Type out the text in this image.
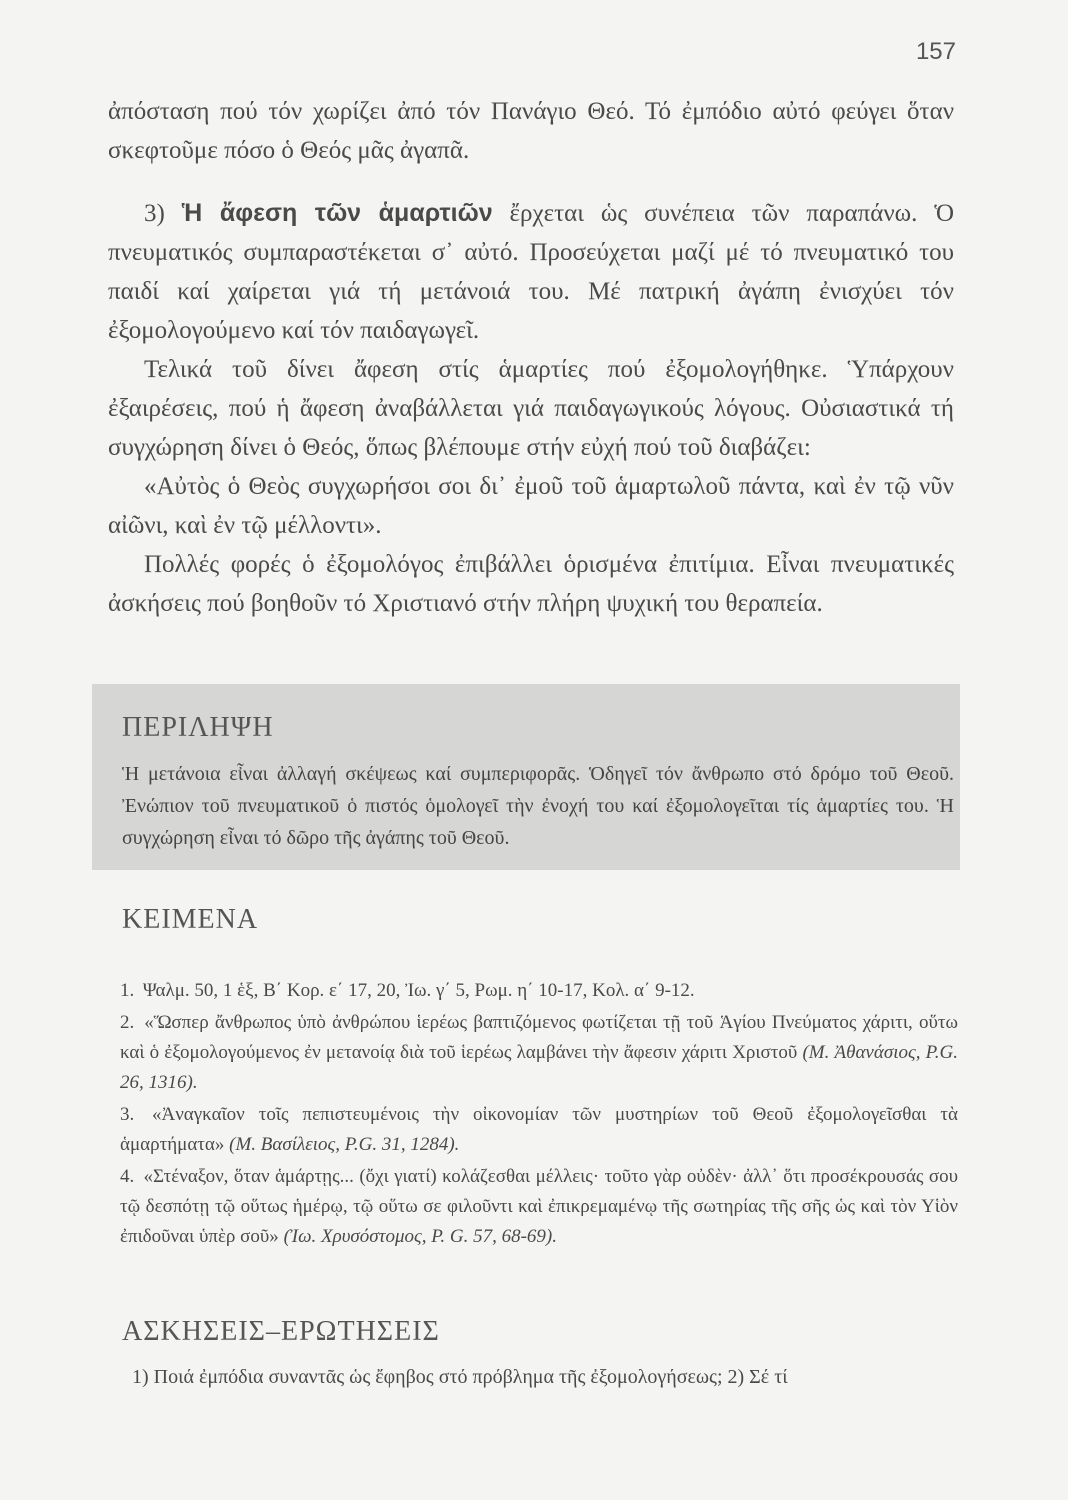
157

ἀπόσταση πού τόν χωρίζει ἀπό τόν Πανάγιο Θεό. Τό ἐμπόδιο αὐτό φεύγει ὅταν σκεφτοῦμε πόσο ὁ Θεός μᾶς ἀγαπᾶ.

3) Ἡ ἄφεση τῶν ἁμαρτιῶν ἔρχεται ὡς συνέπεια τῶν παραπάνω. Ὁ πνευματικός συμπαραστέκεται σ᾽ αὐτό. Προσεύχεται μαζί μέ τό πνευματικό του παιδί καί χαίρεται γιά τή μετάνοιά του. Μέ πατρική ἀγάπη ἐνισχύει τόν ἐξομολογούμενο καί τόν παιδαγωγεῖ.

Τελικά τοῦ δίνει ἄφεση στίς ἁμαρτίες πού ἐξομολογήθηκε. Ὑπάρχουν ἐξαιρέσεις, πού ἡ ἄφεση ἀναβάλλεται γιά παιδαγωγικούς λόγους. Οὐσιαστικά τή συγχώρηση δίνει ὁ Θεός, ὅπως βλέπουμε στήν εὐχή πού τοῦ διαβάζει:

«Αὐτὸς ὁ Θεὸς συγχωρήσοι σοι δι᾽ ἐμοῦ τοῦ ἁμαρτωλοῦ πάντα, καὶ ἐν τῷ νῦν αἰῶνι, καὶ ἐν τῷ μέλλοντι».

Πολλές φορές ὁ ἐξομολόγος ἐπιβάλλει ὁρισμένα ἐπιτίμια. Εἶναι πνευματικές ἀσκήσεις πού βοηθοῦν τό Χριστιανό στήν πλήρη ψυχική του θεραπεία.

ΠΕΡΙΛΗΨΗ
Ἡ μετάνοια εἶναι ἀλλαγή σκέψεως καί συμπεριφορᾶς. Ὁδηγεῖ τόν ἄνθρωπο στό δρόμο τοῦ Θεοῦ. Ἐνώπιον τοῦ πνευματικοῦ ὁ πιστός ὁμολογεῖ τὴν ἐνοχή του καί ἐξομολογεῖται τίς ἁμαρτίες του. Ἡ συγχώρηση εἶναι τό δῶρο τῆς ἀγάπης τοῦ Θεοῦ.
ΚΕΙΜΕΝΑ
1. Ψαλμ. 50, 1 ἑξ, Β΄ Κορ. ε΄ 17, 20, Ἰω. γ΄ 5, Ρωμ. η΄ 10-17, Κολ. α΄ 9-12.
2. «Ὥσπερ ἄνθρωπος ὑπὸ ἀνθρώπου ἱερέως βαπτιζόμενος φωτίζεται τῇ τοῦ Ἁγίου Πνεύματος χάριτι, οὕτω καὶ ὁ ἐξομολογούμενος ἐν μετανοίᾳ διὰ τοῦ ἱερέως λαμβάνει τὴν ἄφεσιν χάριτι Χριστοῦ (Μ. Ἀθανάσιος, P.G. 26, 1316).
3. «Ἀναγκαῖον τοῖς πεπιστευμένοις τὴν οἰκονομίαν τῶν μυστηρίων τοῦ Θεοῦ ἐξομολογεῖσθαι τὰ ἁμαρτήματα» (Μ. Βασίλειος, P.G. 31, 1284).
4. «Στέναξον, ὅταν ἁμάρτῃς... (ὄχι γιατί) κολάζεσθαι μέλλεις· τοῦτο γὰρ οὐδὲν· ἀλλ᾽ ὅτι προσέκρουσάς σου τῷ δεσπότῃ τῷ οὕτως ἡμέρῳ, τῷ οὕτω σε φιλοῦντι καὶ ἐπικρεμαμένῳ τῆς σωτηρίας τῆς σῆς ὡς καὶ τὸν Υἱὸν ἐπιδοῦναι ὑπὲρ σοῦ» (Ἰω. Χρυσόστομος, P. G. 57, 68-69).
ΑΣΚΗΣΕΙΣ–ΕΡΩΤΗΣΕΙΣ
1) Ποιά ἐμπόδια συναντᾶς ὡς ἔφηβος στό πρόβλημα τῆς ἐξομολογήσεως; 2) Σέ τί
